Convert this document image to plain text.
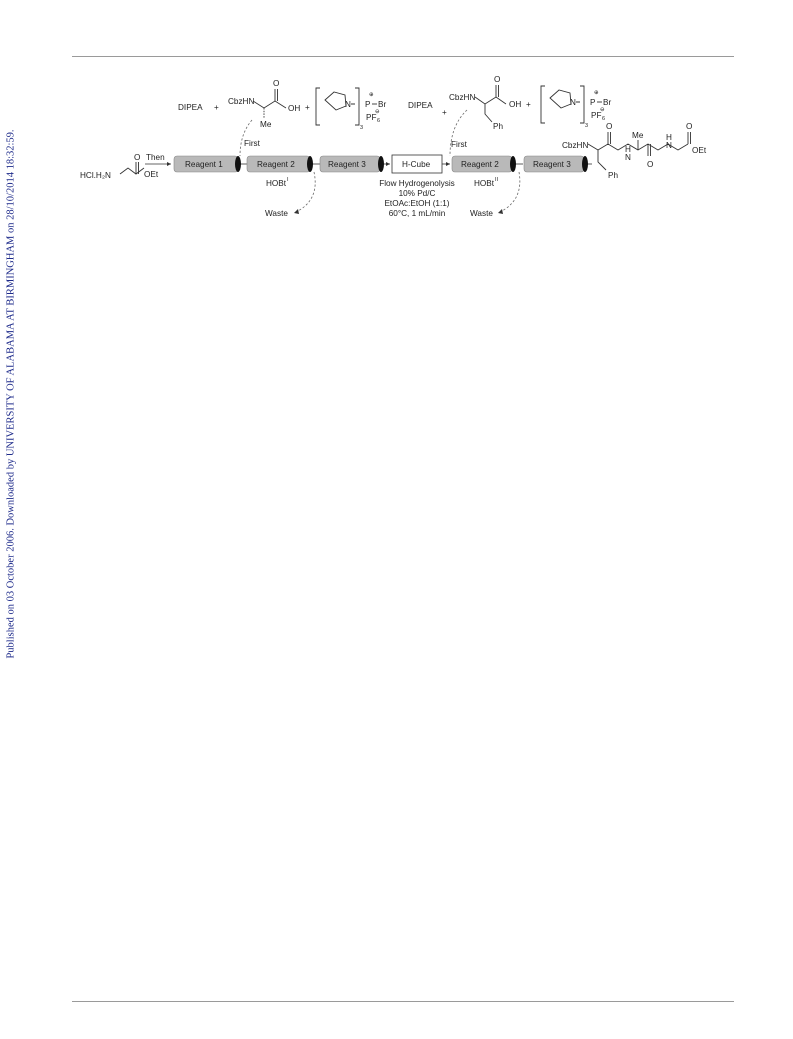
Published on 03 October 2006. Downloaded by UNIVERSITY OF ALABAMA AT BIRMINGHAM on 28/10/2014 18:32:59.
DIPEA +
CbzHN
O
OH
Me
+	N
3
P
⊕
Br
PF 6
⊖
DIPEA
+
CbzHN
O
OH
Ph
+	N
3
P
⊕
Br
PF 6
⊖
HCl.H₂N
O
OEt
Then
Reagent 1	Reagent 2	Reagent 3	H-Cube	Reagent 2	Reagent 3
HOBt I	HOBt II
First	First
Waste	Waste
Flow Hydrogenolysis
10% Pd/C
EtOAc:EtOH (1:1)
60°C, 1 mL/min
CbzHN
O
N
H
Me
O
H
N
O
OEt
Ph
